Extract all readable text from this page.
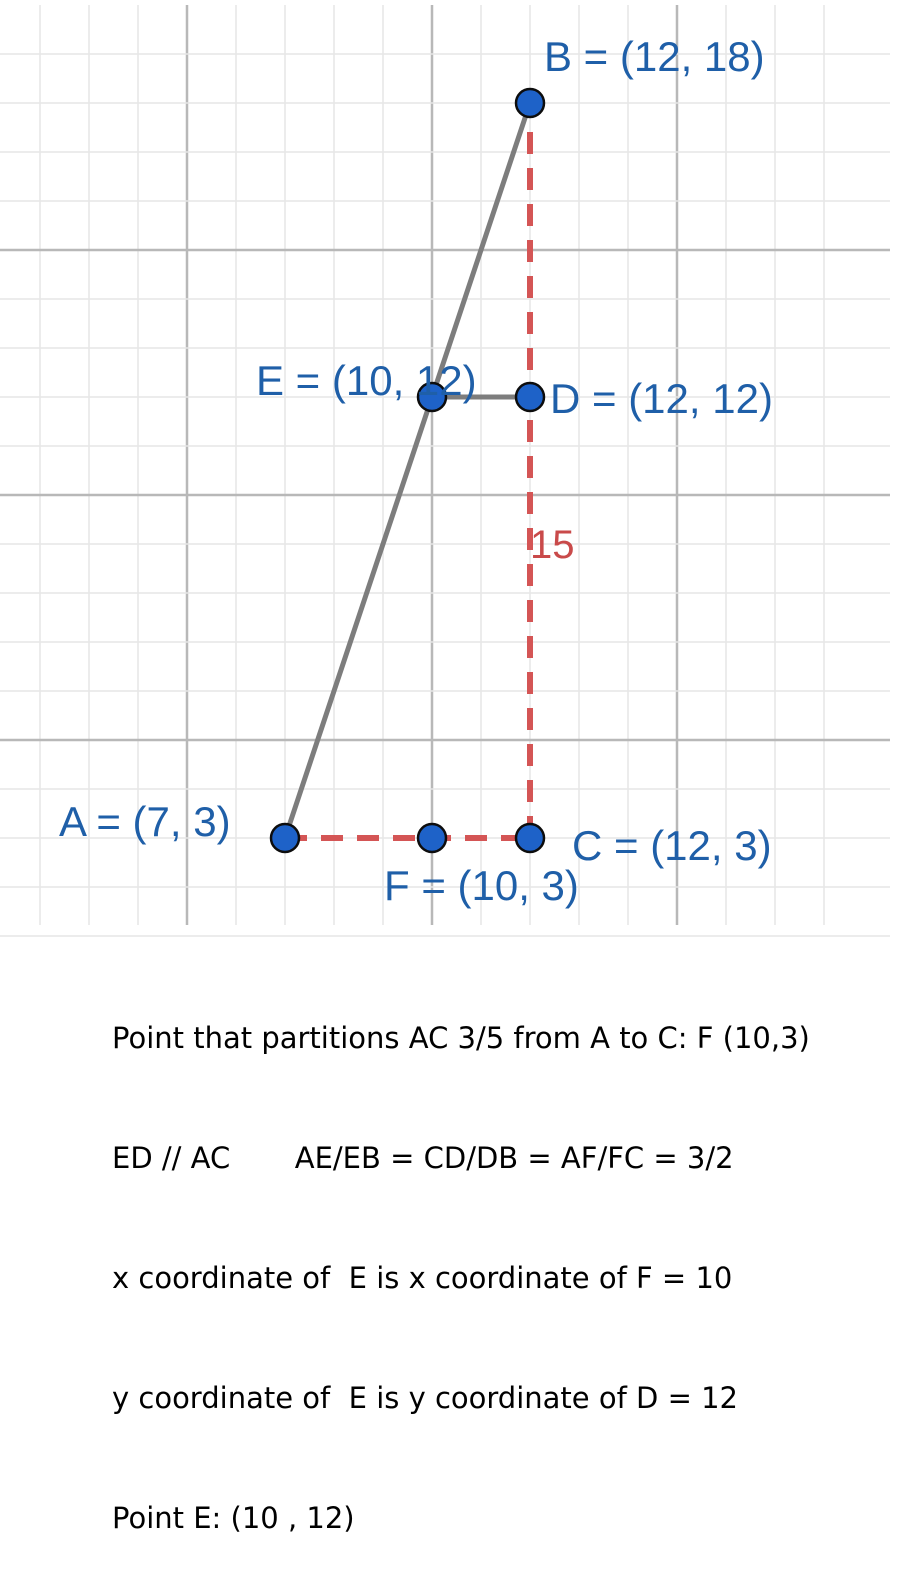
A = (7, 3)
B = (12, 18)
C = (12, 3)
D = (12, 12)
E = (10, 12)
F = (10, 3)
15

Point that partitions AC 3/5 from A to C: F (10,3)

ED // AC       AE/EB = CD/DB = AF/FC = 3/2

x coordinate of  E is x coordinate of F = 10

y coordinate of  E is y coordinate of D = 12

Point E: (10 , 12)
